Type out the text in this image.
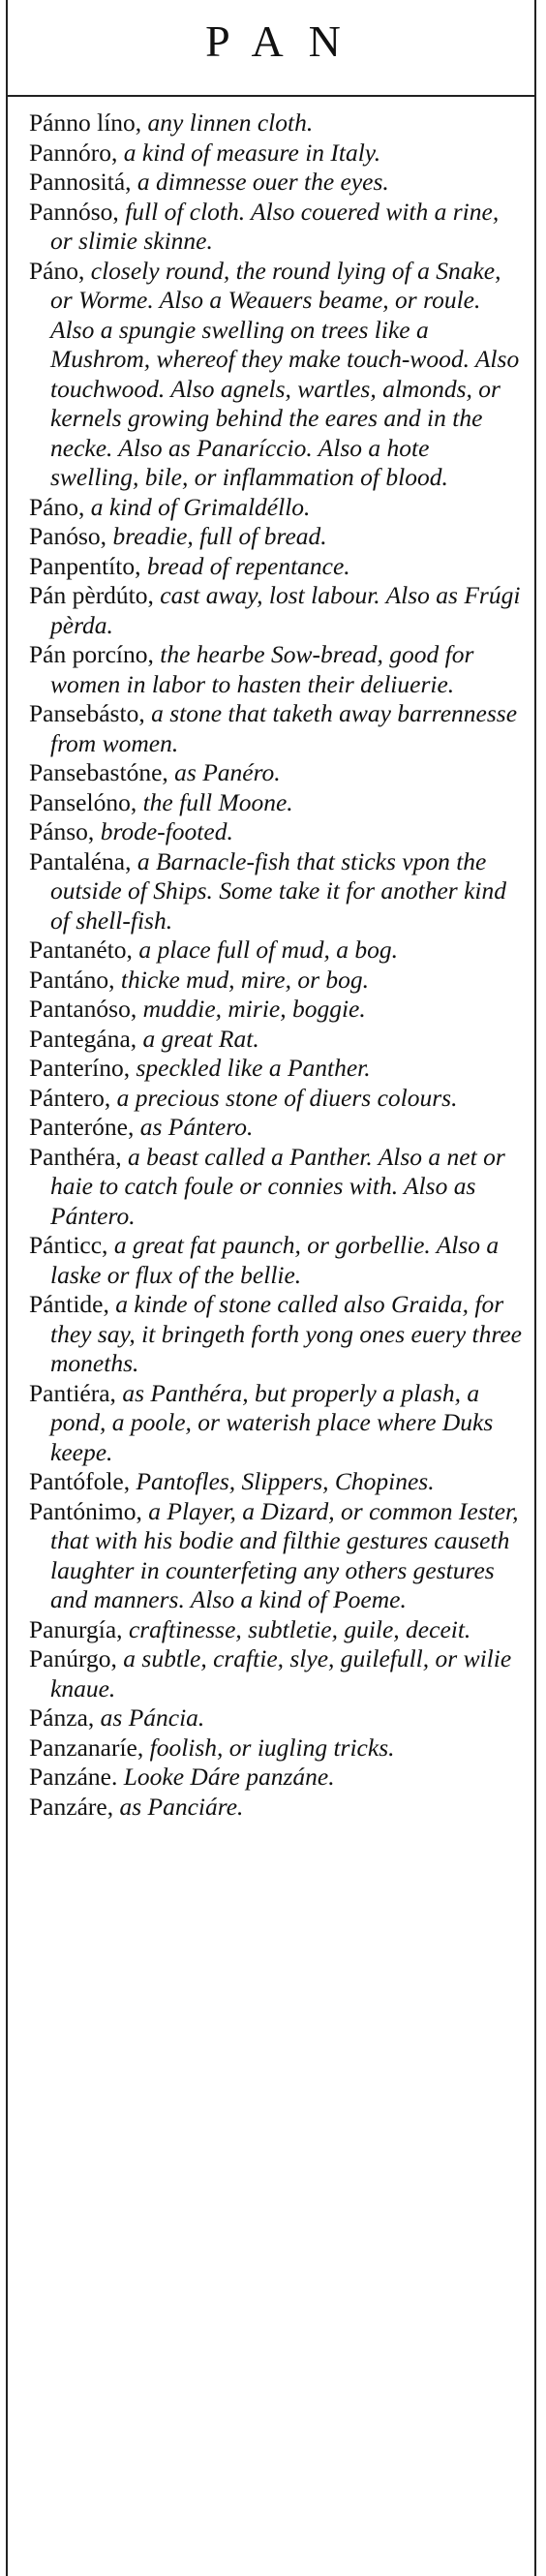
PAN

Pánno líno, any linnen cloth.

Pannóro, a kind of measure in Italy.

Pannositá, a dimnesse ouer the eyes.

Pannóso, full of cloth. Also couered with a rine, or slimie skinne.

Páno, closely round, the round lying of a Snake, or Worme. Also a Weauers beame, or roule. Also a spungie swelling on trees like a Mushrom, whereof they make touch-wood. Also touchwood. Also agnels, wartles, almonds, or kernels growing behind the eares and in the necke. Also as Panaríccio. Also a hote swelling, bile, or inflammation of blood.

Páno, a kind of Grimaldéllo.

Panóso, breadie, full of bread.

Panpentíto, bread of repentance.

Pán pèrdúto, cast away, lost labour. Also as Frúgi pèrda.

Pán porcíno, the hearbe Sow-bread, good for women in labor to hasten their deliuerie.

Pansebásto, a stone that taketh away barrennesse from women.

Pansebastóne, as Panéro.

Panselóno, the full Moone.

Pánso, brode-footed.

Pantaléna, a Barnacle-fish that sticks vpon the outside of Ships. Some take it for another kind of shell-fish.

Pantanéto, a place full of mud, a bog.

Pantáno, thicke mud, mire, or bog.

Pantanóso, muddie, mirie, boggie.

Pantegána, a great Rat.

Panteríno, speckled like a Panther.

Pántero, a precious stone of diuers colours.

Panteróne, as Pántero.

Panthéra, a beast called a Panther. Also a net or haie to catch foule or connies with. Also as Pántero.

Pánticc, a great fat paunch, or gorbellie. Also a laske or flux of the bellie.

Pántide, a kinde of stone called also Graida, for they say, it bringeth forth yong ones euery three moneths.

Pantiéra, as Panthéra, but properly a plash, a pond, a poole, or waterish place where Duks keepe.

Pantófole, Pantofles, Slippers, Chopines.

Pantónimo, a Player, a Dizard, or common Iester, that with his bodie and filthie gestures causeth laughter in counterfeting any others gestures and manners. Also a kind of Poeme.

Panurgía, craftinesse, subtletie, guile, deceit.

Panúrgo, a subtle, craftie, slye, guilefull, or wilie knaue.

Pánza, as Páncia.

Panzanaríe, foolish, or iugling tricks.

Panzáne. Looke Dáre panzáne.

Panzáre, as Panciáre.
